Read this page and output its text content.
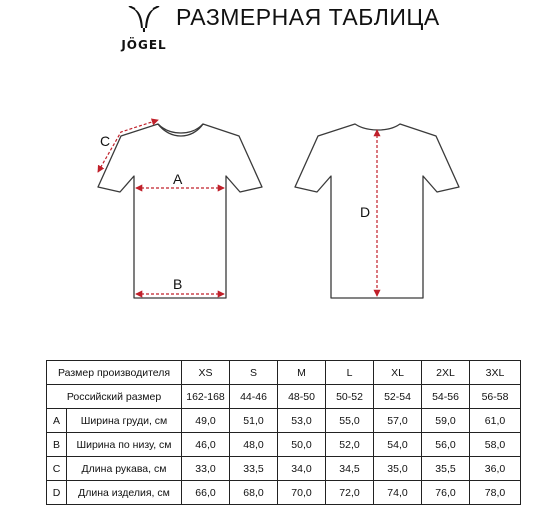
JÖGEL
РАЗМЕРНАЯ ТАБЛИЦА
C
A
B
D
Размер производителя		XS	S	M	L	XL	2XL	3XL
Российский размер		162-168	44-46	48-50	50-52	52-54	54-56	56-58
A	Ширина груди, см	49,0	51,0	53,0	55,0	57,0	59,0	61,0
B	Ширина по низу, см	46,0	48,0	50,0	52,0	54,0	56,0	58,0
C	Длина рукава, см	33,0	33,5	34,0	34,5	35,0	35,5	36,0
D	Длина изделия, см	66,0	68,0	70,0	72,0	74,0	76,0	78,0
